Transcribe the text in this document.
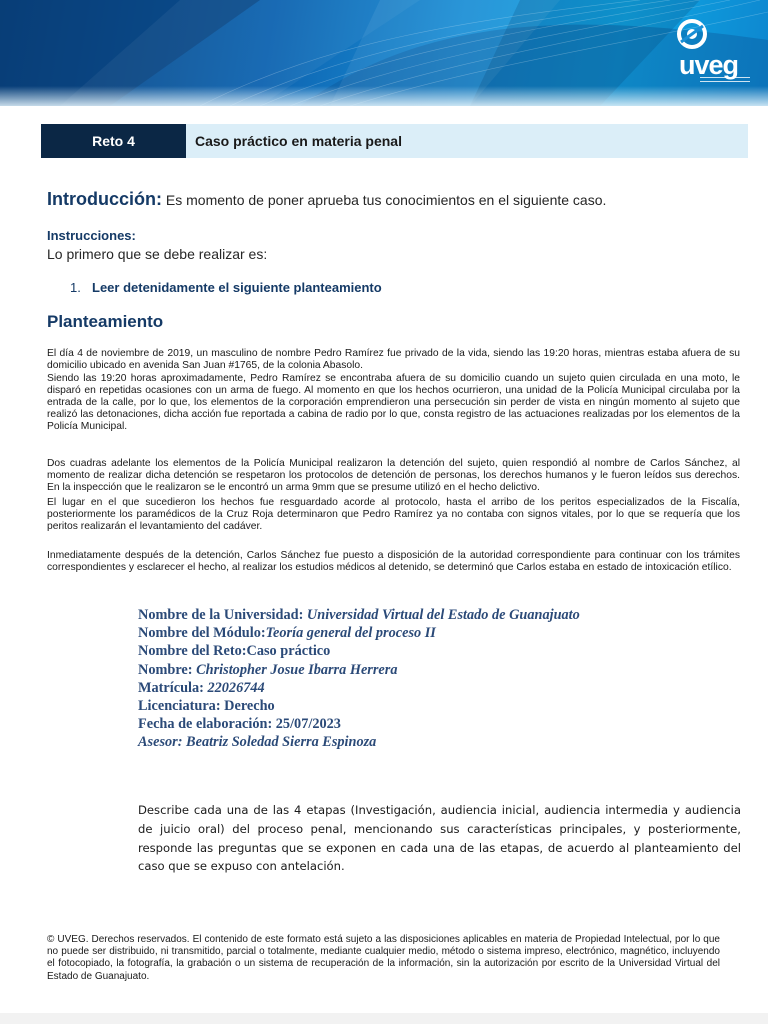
uveg
Reto 4	Caso práctico en materia penal
Introducción: Es momento de poner aprueba tus conocimientos en el siguiente caso.
Instrucciones:
Lo primero que se debe realizar es:
1. Leer detenidamente el siguiente planteamiento
Planteamiento

El día 4 de noviembre de 2019, un masculino de nombre Pedro Ramírez fue privado de la vida, siendo las 19:20 horas, mientras estaba afuera de su domicilio ubicado en avenida San Juan #1765, de la colonia Abasolo.

Siendo las 19:20 horas aproximadamente, Pedro Ramírez se encontraba afuera de su domicilio cuando un sujeto quien circulada en una moto, le disparó en repetidas ocasiones con un arma de fuego. Al momento en que los hechos ocurrieron, una unidad de la Policía Municipal circulaba por la entrada de la calle, por lo que, los elementos de la corporación emprendieron una persecución sin perder de vista en ningún momento al sujeto que realizó las detonaciones, dicha acción fue reportada a cabina de radio por lo que, consta registro de las actuaciones realizadas por los elementos de la Policía Municipal.

Dos cuadras adelante los elementos de la Policía Municipal realizaron la detención del sujeto, quien respondió al nombre de Carlos Sánchez, al momento de realizar dicha detención se respetaron los protocolos de detención de personas, los derechos humanos y le fueron leídos sus derechos. En la inspección que le realizaron se le encontró un arma 9mm que se presume utilizó en el hecho delictivo.

El lugar en el que sucedieron los hechos fue resguardado acorde al protocolo, hasta el arribo de los peritos especializados de la Fiscalía, posteriormente los paramédicos de la Cruz Roja determinaron que Pedro Ramírez ya no contaba con signos vitales, por lo que se requería que los peritos realizarán el levantamiento del cadáver.

Inmediatamente después de la detención, Carlos Sánchez fue puesto a disposición de la autoridad correspondiente para continuar con los trámites correspondientes y esclarecer el hecho, al realizar los estudios médicos al detenido, se determinó que Carlos estaba en estado de intoxicación etílico.

Nombre de la Universidad: Universidad Virtual del Estado de Guanajuato
Nombre del Módulo:Teoría general del proceso II
Nombre del Reto:Caso práctico
Nombre: Christopher Josue Ibarra Herrera
Matrícula: 22026744
Licenciatura: Derecho
Fecha de elaboración: 25/07/2023
Asesor: Beatriz Soledad Sierra Espinoza

Describe cada una de las 4 etapas (Investigación, audiencia inicial, audiencia intermedia y audiencia de juicio oral) del proceso penal, mencionando sus características principales, y posteriormente, responde las preguntas que se exponen en cada una de las etapas, de acuerdo al planteamiento del caso que se expuso con antelación.

© UVEG. Derechos reservados. El contenido de este formato está sujeto a las disposiciones aplicables en materia de Propiedad Intelectual, por lo que no puede ser distribuido, ni transmitido, parcial o totalmente, mediante cualquier medio, método o sistema impreso, electrónico, magnético, incluyendo el fotocopiado, la fotografía, la grabación o un sistema de recuperación de la información, sin la autorización por escrito de la Universidad Virtual del Estado de Guanajuato.
